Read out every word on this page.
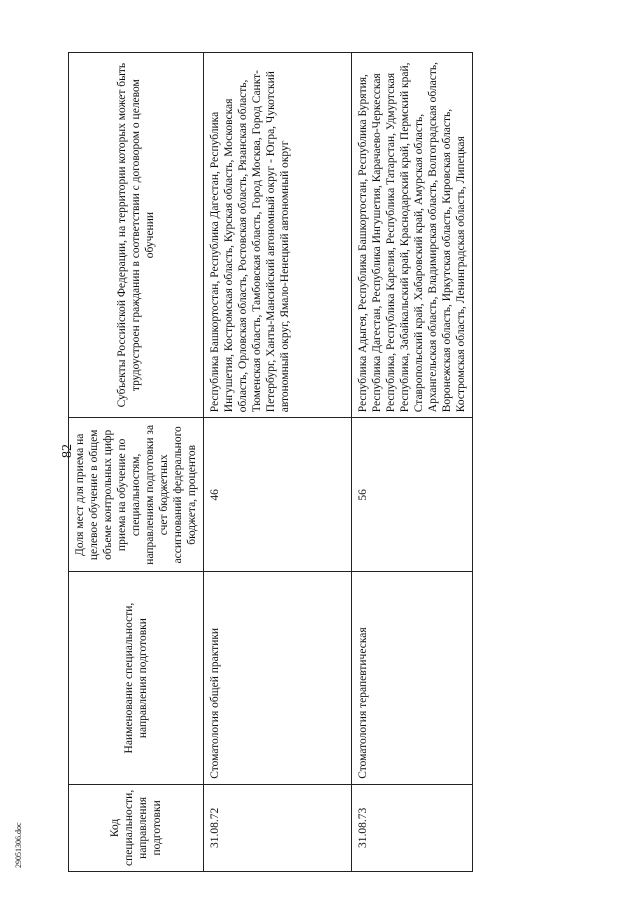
82
Код специальности, направления подготовки	Наименование специальности, направления подготовки	Доля мест для приема на целевое обучение в общем объеме контрольных цифр приема на обучение по специальностям, направлениям подготовки за счет бюджетных ассигнований федерального бюджета, процентов	Субъекты Российской Федерации, на территории которых может быть трудоустроен гражданин в соответствии с договором о целевом обучении
31.08.72	Стоматология общей практики	46	Республика Башкортостан, Республика Дагестан, Республика Ингушетия, Костромская область, Курская область, Московская область, Орловская область, Ростовская область, Рязанская область, Тюменская область, Тамбовская область, Город Москва, Город Санкт-Петербург, Ханты-Мансийский автономный округ - Югра, Чукотский автономный округ, Ямало-Ненецкий автономный округ
31.08.73	Стоматология терапевтическая	56	Республика Адыгея, Республика Башкортостан, Республика Бурятия, Республика Дагестан, Республика Ингушетия, Карачаево-Черкесская Республика, Республика Карелия, Республика Татарстан, Удмуртская Республика, Забайкальский край, Краснодарский край, Пермский край, Ставропольский край, Хабаровский край, Амурская область, Архангельская область, Владимирская область, Волгоградская область, Воронежская область, Иркутская область, Кировская область, Костромская область, Ленинградская область, Липецкая
29051306.doc
